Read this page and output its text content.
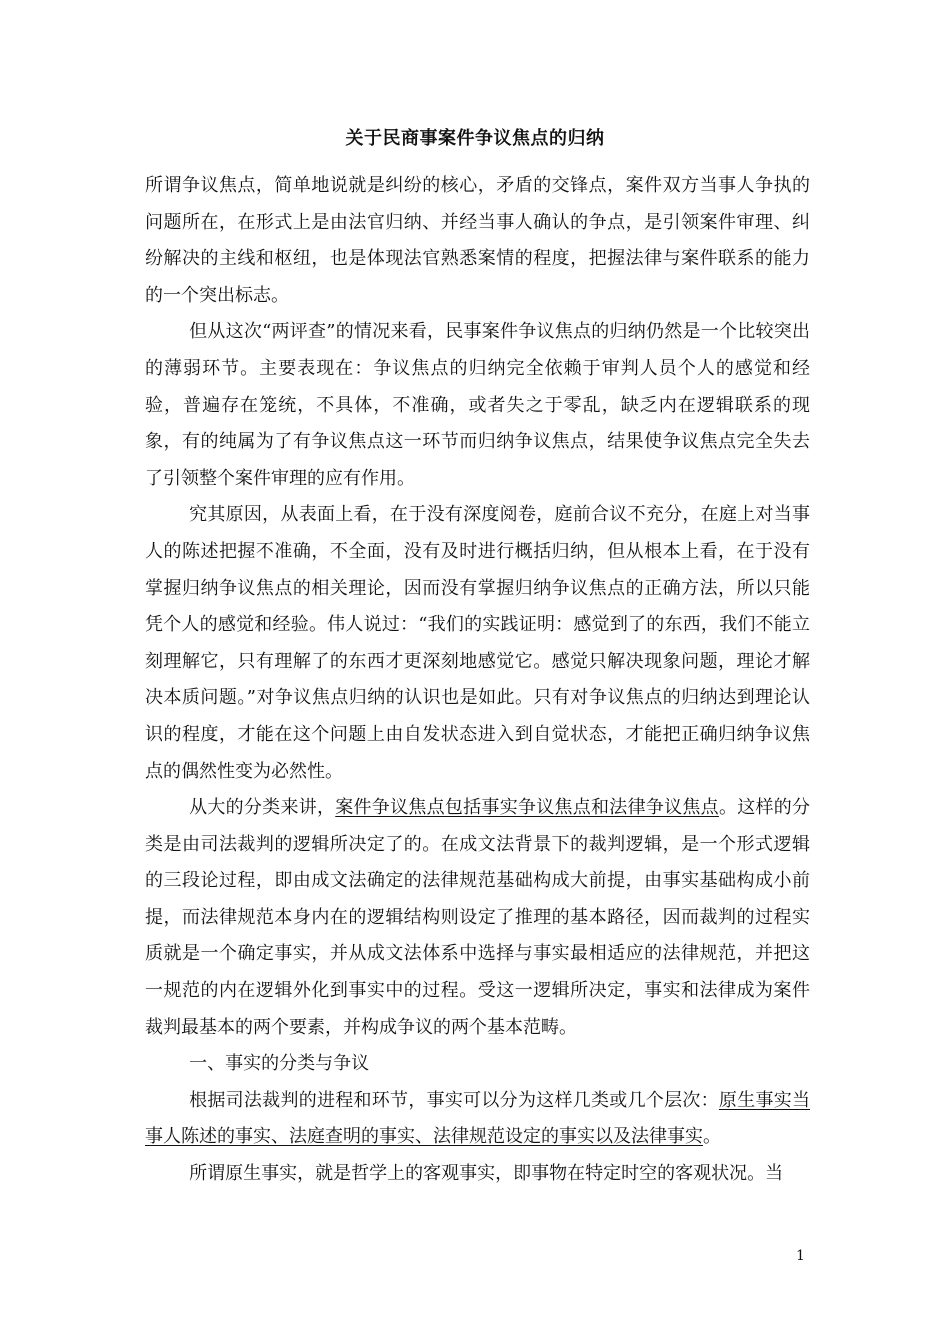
关于民商事案件争议焦点的归纳

所谓争议焦点，简单地说就是纠纷的核心，矛盾的交锋点，案件双方当事人争执的问题所在，在形式上是由法官归纳、并经当事人确认的争点，是引领案件审理、纠纷解决的主线和枢纽，也是体现法官熟悉案情的程度，把握法律与案件联系的能力的一个突出标志。

但从这次“两评查”的情况来看，民事案件争议焦点的归纳仍然是一个比较突出的薄弱环节。主要表现在：争议焦点的归纳完全依赖于审判人员个人的感觉和经验，普遍存在笼统，不具体，不准确，或者失之于零乱，缺乏内在逻辑联系的现象，有的纯属为了有争议焦点这一环节而归纳争议焦点，结果使争议焦点完全失去了引领整个案件审理的应有作用。

究其原因，从表面上看，在于没有深度阅卷，庭前合议不充分，在庭上对当事人的陈述把握不准确，不全面，没有及时进行概括归纳，但从根本上看，在于没有掌握归纳争议焦点的相关理论，因而没有掌握归纳争议焦点的正确方法，所以只能凭个人的感觉和经验。伟人说过：“我们的实践证明：感觉到了的东西，我们不能立刻理解它，只有理解了的东西才更深刻地感觉它。感觉只解决现象问题，理论才解决本质问题。”对争议焦点归纳的认识也是如此。只有对争议焦点的归纳达到理论认识的程度，才能在这个问题上由自发状态进入到自觉状态，才能把正确归纳争议焦点的偶然性变为必然性。

从大的分类来讲，案件争议焦点包括事实争议焦点和法律争议焦点。这样的分类是由司法裁判的逻辑所决定了的。在成文法背景下的裁判逻辑，是一个形式逻辑的三段论过程，即由成文法确定的法律规范基础构成大前提，由事实基础构成小前提，而法律规范本身内在的逻辑结构则设定了推理的基本路径，因而裁判的过程实质就是一个确定事实，并从成文法体系中选择与事实最相适应的法律规范，并把这一规范的内在逻辑外化到事实中的过程。受这一逻辑所决定，事实和法律成为案件裁判最基本的两个要素，并构成争议的两个基本范畴。

一、事实的分类与争议

根据司法裁判的进程和环节，事实可以分为这样几类或几个层次：原生事实当事人陈述的事实、法庭查明的事实、法律规范设定的事实以及法律事实。

所谓原生事实，就是哲学上的客观事实，即事物在特定时空的客观状况。当

1
